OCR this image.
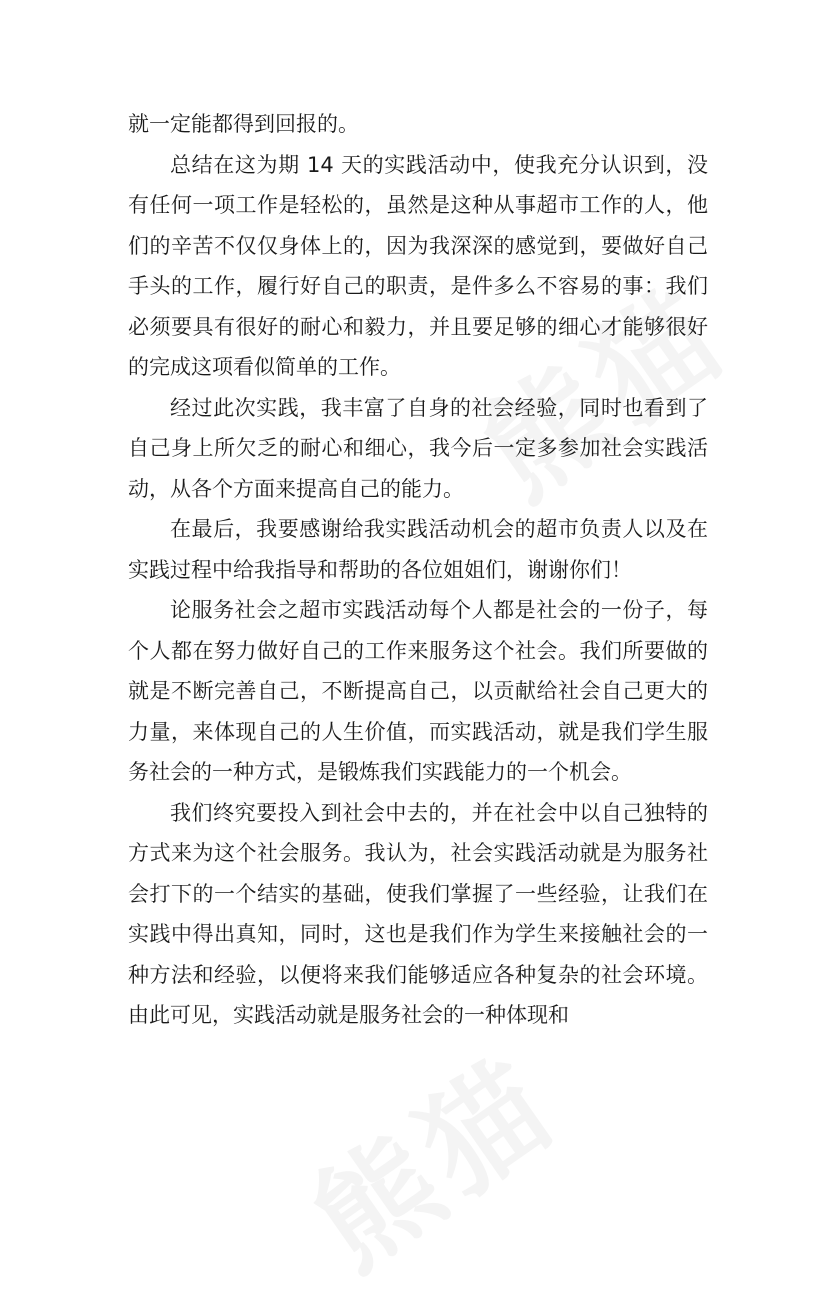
就一定能都得到回报的。

总结在这为期 14 天的实践活动中，使我充分认识到，没有任何一项工作是轻松的，虽然是这种从事超市工作的人，他们的辛苦不仅仅身体上的，因为我深深的感觉到，要做好自己手头的工作，履行好自己的职责，是件多么不容易的事：我们必须要具有很好的耐心和毅力，并且要足够的细心才能够很好的完成这项看似简单的工作。

经过此次实践，我丰富了自身的社会经验，同时也看到了自己身上所欠乏的耐心和细心，我今后一定多参加社会实践活动，从各个方面来提高自己的能力。

在最后，我要感谢给我实践活动机会的超市负责人以及在实践过程中给我指导和帮助的各位姐姐们，谢谢你们！

论服务社会之超市实践活动每个人都是社会的一份子，每个人都在努力做好自己的工作来服务这个社会。我们所要做的就是不断完善自己，不断提高自己，以贡献给社会自己更大的力量，来体现自己的人生价值，而实践活动，就是我们学生服务社会的一种方式，是锻炼我们实践能力的一个机会。

我们终究要投入到社会中去的，并在社会中以自己独特的方式来为这个社会服务。我认为，社会实践活动就是为服务社会打下的一个结实的基础，使我们掌握了一些经验，让我们在实践中得出真知，同时，这也是我们作为学生来接触社会的一种方法和经验，以便将来我们能够适应各种复杂的社会环境。由此可见，实践活动就是服务社会的一种体现和
